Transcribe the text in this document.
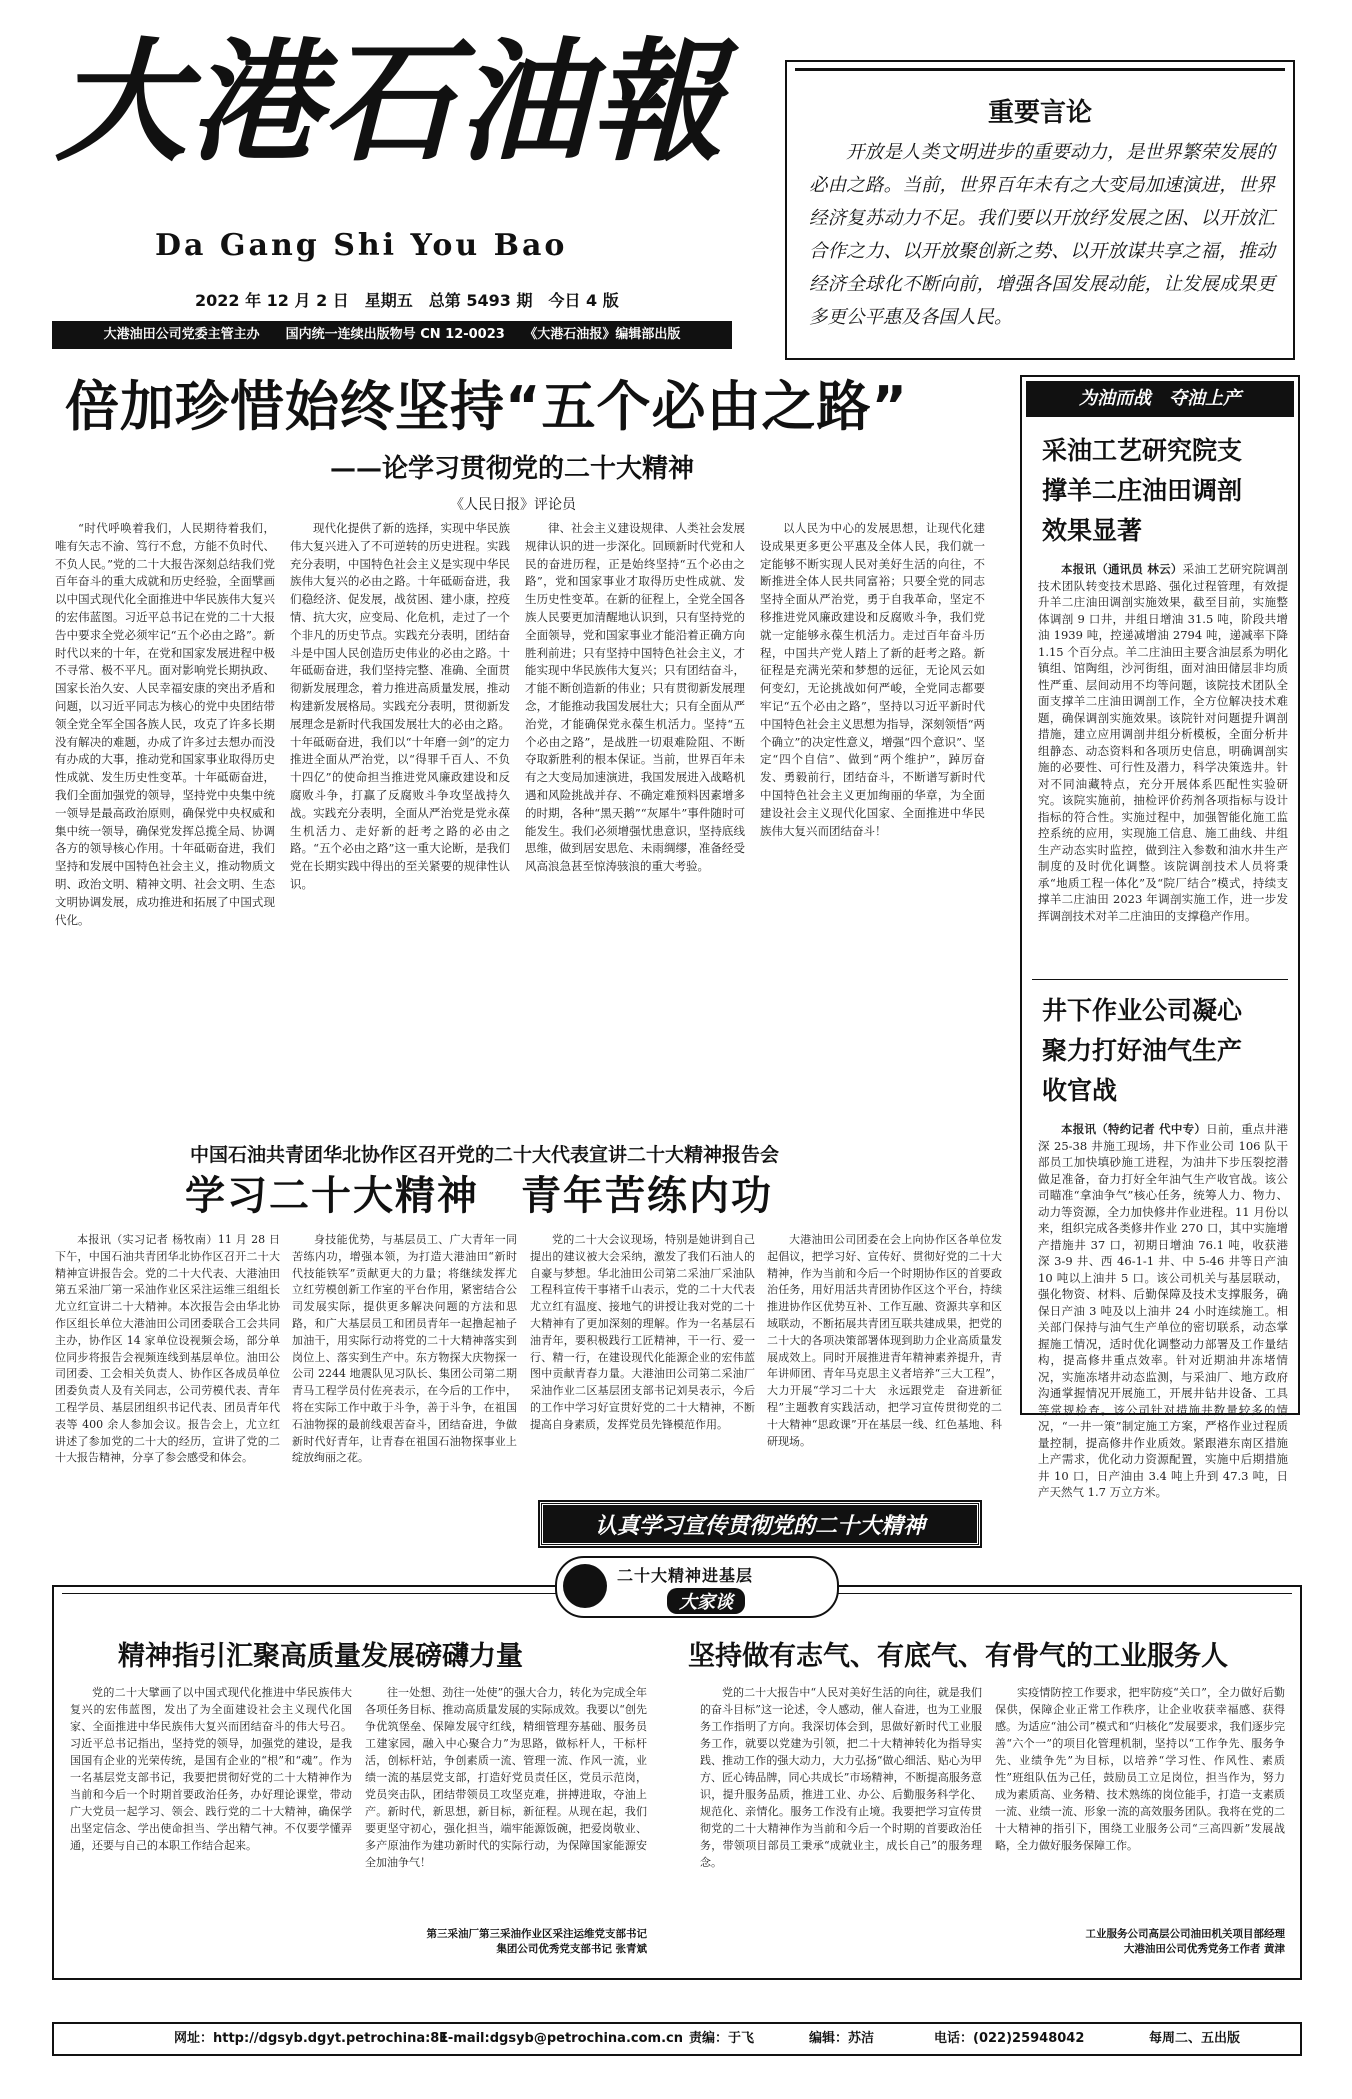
大港石油報
Da Gang Shi You Bao
2022 年 12 月 2 日　星期五　总第 5493 期　今日 4 版
大港油田公司党委主管主办　　国内统一连续出版物号 CN 12-0023　　《大港石油报》编辑部出版
重要言论
开放是人类文明进步的重要动力，是世界繁荣发展的必由之路。当前，世界百年未有之大变局加速演进，世界经济复苏动力不足。我们要以开放纾发展之困、以开放汇合作之力、以开放聚创新之势、以开放谋共享之福，推动经济全球化不断向前，增强各国发展动能，让发展成果更多更公平惠及各国人民。
倍加珍惜始终坚持“五个必由之路”
——论学习贯彻党的二十大精神
《人民日报》评论员

“时代呼唤着我们，人民期待着我们，唯有矢志不渝、笃行不怠，方能不负时代、不负人民。”党的二十大报告深刻总结我们党百年奋斗的重大成就和历史经验，全面擘画以中国式现代化全面推进中华民族伟大复兴的宏伟蓝图。习近平总书记在党的二十大报告中要求全党必须牢记“五个必由之路”。新时代以来的十年，在党和国家发展进程中极不寻常、极不平凡。面对影响党长期执政、国家长治久安、人民幸福安康的突出矛盾和问题，以习近平同志为核心的党中央团结带领全党全军全国各族人民，攻克了许多长期没有解决的难题，办成了许多过去想办而没有办成的大事，推动党和国家事业取得历史性成就、发生历史性变革。十年砥砺奋进，我们全面加强党的领导，坚持党中央集中统一领导是最高政治原则，确保党中央权威和集中统一领导，确保党发挥总揽全局、协调各方的领导核心作用。十年砥砺奋进，我们坚持和发展中国特色社会主义，推动物质文明、政治文明、精神文明、社会文明、生态文明协调发展，成功推进和拓展了中国式现代化。

现代化提供了新的选择，实现中华民族伟大复兴进入了不可逆转的历史进程。实践充分表明，中国特色社会主义是实现中华民族伟大复兴的必由之路。十年砥砺奋进，我们稳经济、促发展，战贫困、建小康，控疫情、抗大灾，应变局、化危机，走过了一个个非凡的历史节点。实践充分表明，团结奋斗是中国人民创造历史伟业的必由之路。十年砥砺奋进，我们坚持完整、准确、全面贯彻新发展理念，着力推进高质量发展，推动构建新发展格局。实践充分表明，贯彻新发展理念是新时代我国发展壮大的必由之路。十年砥砺奋进，我们以“十年磨一剑”的定力推进全面从严治党，以“得罪千百人、不负十四亿”的使命担当推进党风廉政建设和反腐败斗争，打赢了反腐败斗争攻坚战持久战。实践充分表明，全面从严治党是党永葆生机活力、走好新的赶考之路的必由之路。“五个必由之路”这一重大论断，是我们党在长期实践中得出的至关紧要的规律性认识。

律、社会主义建设规律、人类社会发展规律认识的进一步深化。回顾新时代党和人民的奋进历程，正是始终坚持“五个必由之路”，党和国家事业才取得历史性成就、发生历史性变革。在新的征程上，全党全国各族人民要更加清醒地认识到，只有坚持党的全面领导，党和国家事业才能沿着正确方向胜利前进；只有坚持中国特色社会主义，才能实现中华民族伟大复兴；只有团结奋斗，才能不断创造新的伟业；只有贯彻新发展理念，才能推动我国发展壮大；只有全面从严治党，才能确保党永葆生机活力。坚持“五个必由之路”，是战胜一切艰难险阻、不断夺取新胜利的根本保证。当前，世界百年未有之大变局加速演进，我国发展进入战略机遇和风险挑战并存、不确定难预料因素增多的时期，各种“黑天鹅”“灰犀牛”事件随时可能发生。我们必须增强忧患意识，坚持底线思维，做到居安思危、未雨绸缪，准备经受风高浪急甚至惊涛骇浪的重大考验。

以人民为中心的发展思想，让现代化建设成果更多更公平惠及全体人民，我们就一定能够不断实现人民对美好生活的向往，不断推进全体人民共同富裕；只要全党的同志坚持全面从严治党，勇于自我革命，坚定不移推进党风廉政建设和反腐败斗争，我们党就一定能够永葆生机活力。走过百年奋斗历程，中国共产党人踏上了新的赶考之路。新征程是充满光荣和梦想的远征，无论风云如何变幻，无论挑战如何严峻，全党同志都要牢记“五个必由之路”，坚持以习近平新时代中国特色社会主义思想为指导，深刻领悟“两个确立”的决定性意义，增强“四个意识”、坚定“四个自信”、做到“两个维护”，踔厉奋发、勇毅前行，团结奋斗，不断谱写新时代中国特色社会主义更加绚丽的华章，为全面建设社会主义现代化国家、全面推进中华民族伟大复兴而团结奋斗！

为油而战　夺油上产
采油工艺研究院支撑羊二庄油田调剖效果显著

本报讯（通讯员 林云）采油工艺研究院调剖技术团队转变技术思路、强化过程管理，有效提升羊二庄油田调剖实施效果，截至目前，实施整体调剖 9 口井，井组日增油 31.5 吨，阶段共增油 1939 吨，控递减增油 2794 吨，递减率下降 1.15 个百分点。羊二庄油田主要含油层系为明化镇组、馆陶组，沙河街组，面对油田储层非均质性严重、层间动用不均等问题，该院技术团队全面支撑羊二庄油田调剖工作，全方位解决技术难题，确保调剖实施效果。该院针对问题提升调剖措施，建立应用调剖井组分析模板，全面分析井组静态、动态资料和各项历史信息，明确调剖实施的必要性、可行性及潜力，科学决策选井。针对不同油藏特点，充分开展体系匹配性实验研究。该院实施前，抽检评价药剂各项指标与设计指标的符合性。实施过程中，加强智能化施工监控系统的应用，实现施工信息、施工曲线、井组生产动态实时监控，做到注入参数和油水井生产制度的及时优化调整。该院调剖技术人员将秉承“地质工程一体化”及“院厂结合”模式，持续支撑羊二庄油田 2023 年调剖实施工作，进一步发挥调剖技术对羊二庄油田的支撑稳产作用。

井下作业公司凝心聚力打好油气生产收官战

本报讯（特约记者 代中专）日前，重点井港深 25-38 井施工现场，井下作业公司 106 队干部员工加快填砂施工进程，为油井下步压裂挖潜做足准备，奋力打好全年油气生产收官战。该公司瞄准“拿油争气”核心任务，统筹人力、物力、动力等资源，全力加快修井作业进程。11 月份以来，组织完成各类修井作业 270 口，其中实施增产措施井 37 口，初期日增油 76.1 吨，收获港深 3-9 井、西 46-1-1 井、中 5-46 井等日产油 10 吨以上油井 5 口。该公司机关与基层联动，强化物资、材料、后勤保障及技术支撑服务，确保日产油 3 吨及以上油井 24 小时连续施工。相关部门保持与油气生产单位的密切联系，动态掌握施工情况，适时优化调整动力部署及工作量结构，提高修井重点效率。针对近期油井冻堵情况，实施冻堵井动态监测，与采油厂、地方政府沟通掌握情况开展施工，开展井钻井设备、工具等常规检查。该公司针对措施井数量较多的情况，“一井一策”制定施工方案，严格作业过程质量控制，提高修井作业质效。紧跟港东南区措施上产需求，优化动力资源配置，实施中后期措施井 10 口，日产油由 3.4 吨上升到 47.3 吨，日产天然气 1.7 万立方米。

中国石油共青团华北协作区召开党的二十大代表宣讲二十大精神报告会
学习二十大精神　青年苦练内功

本报讯（实习记者 杨牧南）11 月 28 日下午，中国石油共青团华北协作区召开二十大精神宣讲报告会。党的二十大代表、大港油田第五采油厂第一采油作业区采注运维三组组长尤立红宣讲二十大精神。本次报告会由华北协作区组长单位大港油田公司团委联合工会共同主办，协作区 14 家单位设视频会场，部分单位同步将报告会视频连线到基层单位。油田公司团委、工会相关负责人、协作区各成员单位团委负责人及有关同志，公司劳模代表、青年工程学员、基层团组织书记代表、团员青年代表等 400 余人参加会议。报告会上，尤立红讲述了参加党的二十大的经历，宣讲了党的二十大报告精神，分享了参会感受和体会。

身技能优势，与基层员工、广大青年一同苦练内功，增强本领，为打造大港油田“新时代技能铁军”贡献更大的力量；将继续发挥尤立红劳模创新工作室的平台作用，紧密结合公司发展实际，提供更多解决问题的方法和思路，和广大基层员工和团员青年一起撸起袖子加油干，用实际行动将党的二十大精神落实到岗位上、落实到生产中。东方物探大庆物探一公司 2244 地震队见习队长、集团公司第二期青马工程学员付佐亮表示，在今后的工作中，将在实际工作中敢于斗争，善于斗争，在祖国石油物探的最前线艰苦奋斗，团结奋进，争做新时代好青年，让青春在祖国石油物探事业上绽放绚丽之花。

党的二十大会议现场，特别是她讲到自己提出的建议被大会采纳，激发了我们石油人的自豪与梦想。华北油田公司第二采油厂采油队工程科宣传干事褚千山表示，党的二十大代表尤立红有温度、接地气的讲授让我对党的二十大精神有了更加深刻的理解。作为一名基层石油青年，要积极践行工匠精神，干一行、爱一行、精一行，在建设现代化能源企业的宏伟蓝图中贡献青春力量。大港油田公司第二采油厂采油作业二区基层团支部书记刘昊表示，今后的工作中学习好宣贯好党的二十大精神，不断提高自身素质，发挥党员先锋模范作用。

大港油田公司团委在会上向协作区各单位发起倡议，把学习好、宣传好、贯彻好党的二十大精神，作为当前和今后一个时期协作区的首要政治任务，用好用活共青团协作区这个平台，持续推进协作区优势互补、工作互融、资源共享和区域联动，不断拓展共青团互联共建成果，把党的二十大的各项决策部署体现到助力企业高质量发展成效上。同时开展推进青年精神素养提升，青年讲师团、青年马克思主义者培养“三大工程”，大力开展“学习二十大　永远跟党走　奋进新征程”主题教育实践活动，把学习宣传贯彻党的二十大精神“思政课”开在基层一线、红色基地、科研现场。

认真学习宣传贯彻党的二十大精神
二十大精神进基层
大家谈
精神指引汇聚高质量发展磅礴力量	坚持做有志气、有底气、有骨气的工业服务人

党的二十大擘画了以中国式现代化推进中华民族伟大复兴的宏伟蓝图，发出了为全面建设社会主义现代化国家、全面推进中华民族伟大复兴而团结奋斗的伟大号召。习近平总书记指出，坚持党的领导，加强党的建设，是我国国有企业的光荣传统，是国有企业的“根”和“魂”。作为一名基层党支部书记，我要把贯彻好党的二十大精神作为当前和今后一个时期首要政治任务，办好理论课堂，带动广大党员一起学习、领会、践行党的二十大精神，确保学出坚定信念、学出使命担当、学出精气神。不仅要学懂弄通，还要与自己的本职工作结合起来。

往一处想、劲往一处使”的强大合力，转化为完成全年各项任务目标、推动高质量发展的实际成效。我要以“创先争优筑堡垒、保障发展守红线，精细管理夯基础、服务员工建家园，融入中心聚合力”为思路，做标杆人，干标杆活，创标杆站，争创素质一流、管理一流、作风一流，业绩一流的基层党支部，打造好党员责任区，党员示范岗，党员突击队，团结带领员工攻坚克难，拼搏进取，夺油上产。新时代，新思想，新目标，新征程。从现在起，我们要更坚守初心，强化担当，端牢能源饭碗，把爱岗敬业、多产原油作为建功新时代的实际行动，为保障国家能源安全加油争气！

第三采油厂第三采油作业区采注运维党支部书记
集团公司优秀党支部书记 张青斌

党的二十大报告中“人民对美好生活的向往，就是我们的奋斗目标”这一论述，令人感动，催人奋进，也为工业服务工作指明了方向。我深切体会到，思做好新时代工业服务工作，就要以党建为引领，把二十大精神转化为指导实践、推动工作的强大动力，大力弘扬“做心细活、贴心为甲方、匠心铸品牌，同心共成长”市场精神，不断提高服务意识，提升服务品质，推进工业、办公、后勤服务科学化、规范化、亲情化。服务工作没有止境。我要把学习宣传贯彻党的二十大精神作为当前和今后一个时期的首要政治任务，带领项目部员工秉承“成就业主，成长自己”的服务理念。

实疫情防控工作要求，把牢防疫“关口”，全力做好后勤保供，保障企业正常工作秩序，让企业收获幸福感、获得感。为适应“油公司”模式和“归核化”发展要求，我们逐步完善“六个一”的项目化管理机制，坚持以“工作争先、服务争先、业绩争先”为目标，以培养“学习性、作风性、素质性”班组队伍为己任，鼓励员工立足岗位，担当作为，努力成为素质高、业务精、技术熟练的岗位能手，打造一支素质一流、业绩一流、形象一流的高效服务团队。我将在党的二十大精神的指引下，围绕工业服务公司“三高四新”发展战略，全力做好服务保障工作。

工业服务公司高层公司油田机关项目部经理
大港油田公司优秀党务工作者 黄津
网址：http://dgsyb.dgyt.petrochina:81
E-mail:dgsyb@petrochina.com.cn 责编：于飞	编辑：苏洁	电话：(022)25948042	每周二、五出版
